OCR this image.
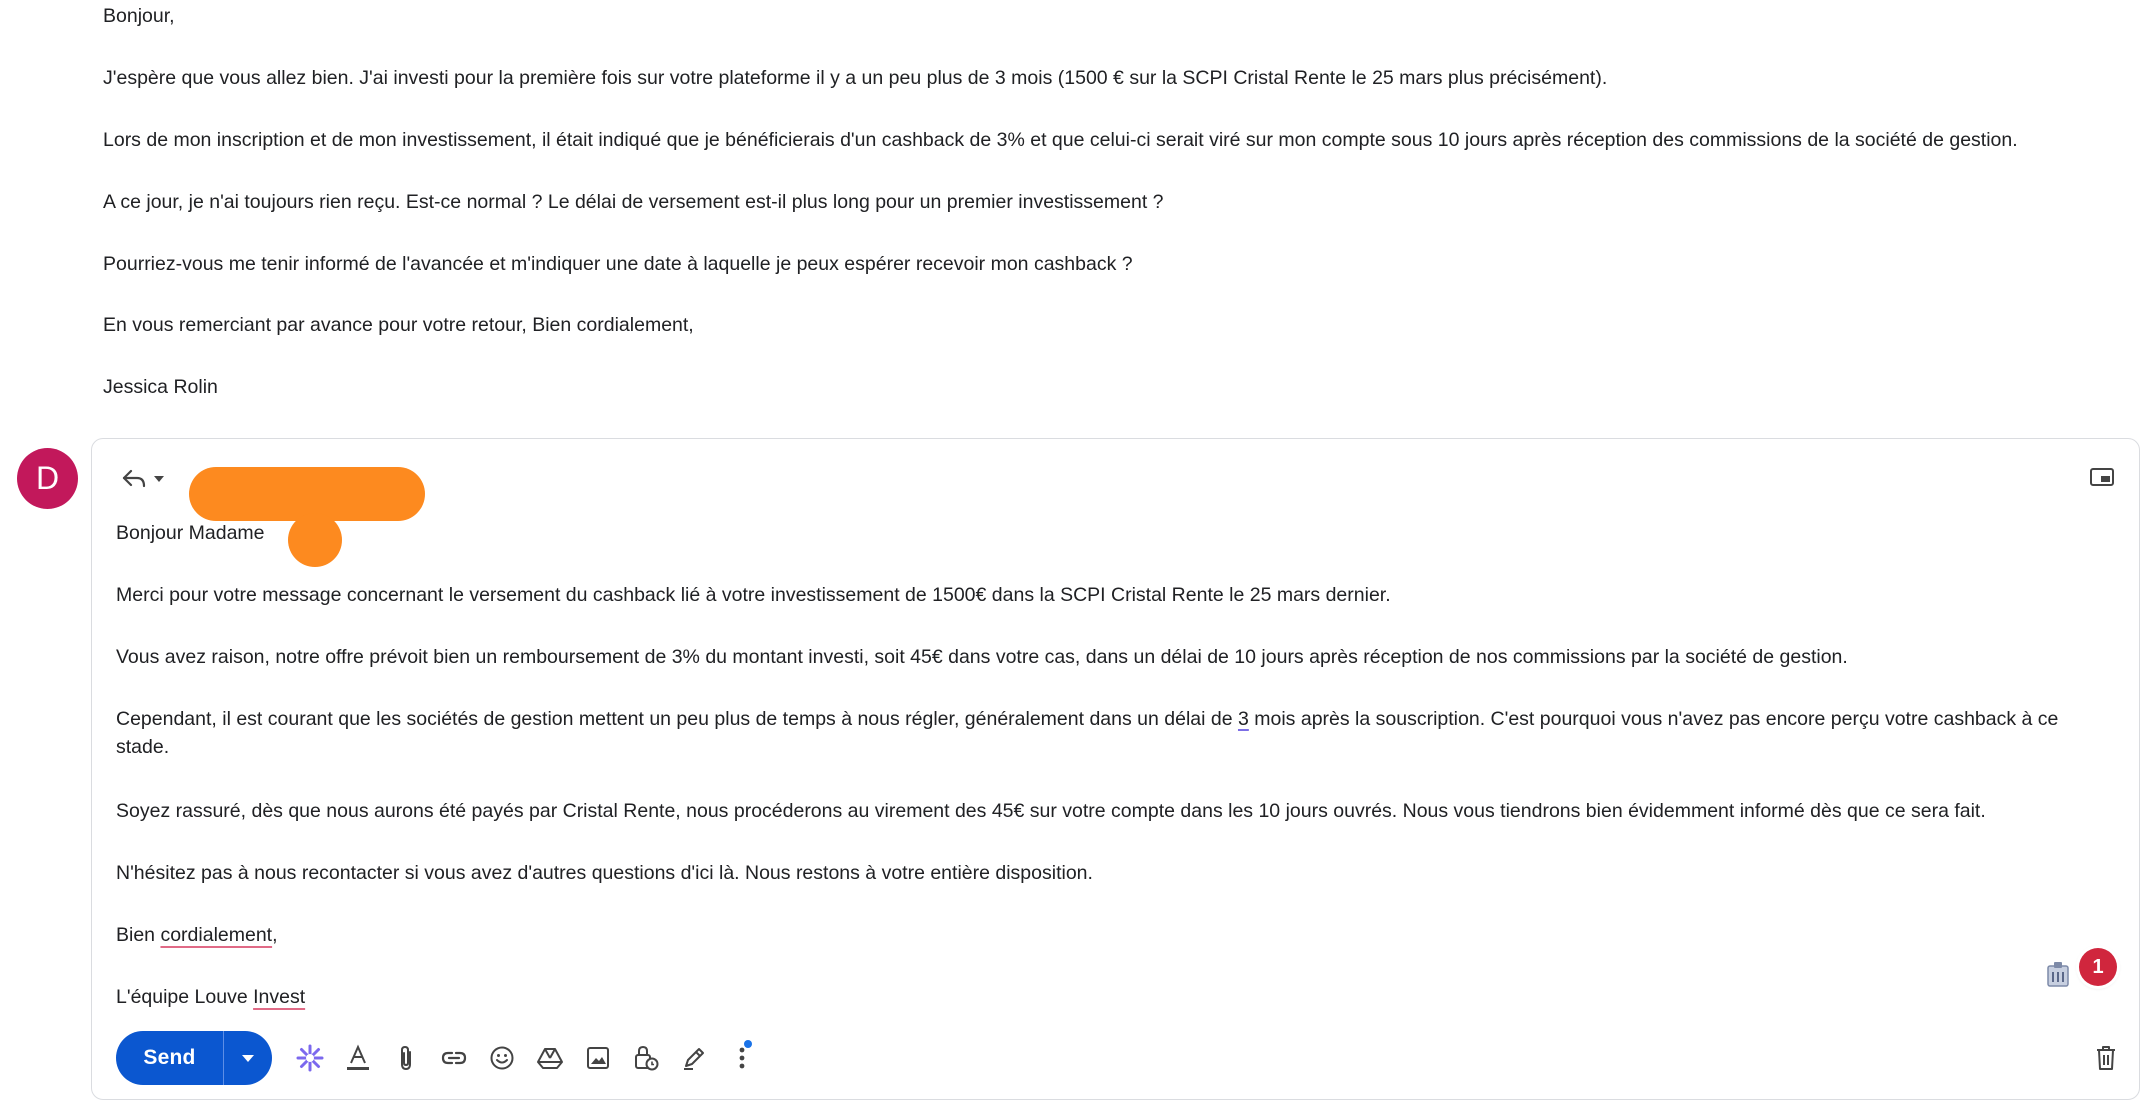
Bonjour,

J'espère que vous allez bien. J'ai investi pour la première fois sur votre plateforme il y a un peu plus de 3 mois (1500 € sur la SCPI Cristal Rente le 25 mars plus précisément).

Lors de mon inscription et de mon investissement, il était indiqué que je bénéficierais d'un cashback de 3% et que celui-ci serait viré sur mon compte sous 10 jours après réception des commissions de la société de gestion.

A ce jour, je n'ai toujours rien reçu. Est-ce normal ? Le délai de versement est-il plus long pour un premier investissement ?

Pourriez-vous me tenir informé de l'avancée et m'indiquer une date à laquelle je peux espérer recevoir mon cashback ?

En vous remerciant par avance pour votre retour, Bien cordialement,

Jessica Rolin

D

Bonjour Madame

Merci pour votre message concernant le versement du cashback lié à votre investissement de 1500€ dans la SCPI Cristal Rente le 25 mars dernier.

Vous avez raison, notre offre prévoit bien un remboursement de 3% du montant investi, soit 45€ dans votre cas, dans un délai de 10 jours après réception de nos commissions par la société de gestion.

Cependant, il est courant que les sociétés de gestion mettent un peu plus de temps à nous régler, généralement dans un délai de 3 mois après la souscription. C'est pourquoi vous n'avez pas encore perçu votre cashback à ce stade.

Soyez rassuré, dès que nous aurons été payés par Cristal Rente, nous procéderons au virement des 45€ sur votre compte dans les 10 jours ouvrés. Nous vous tiendrons bien évidemment informé dès que ce sera fait.

N'hésitez pas à nous recontacter si vous avez d'autres questions d'ici là. Nous restons à votre entière disposition.

Bien cordialement,

L'équipe Louve Invest

1
Send
